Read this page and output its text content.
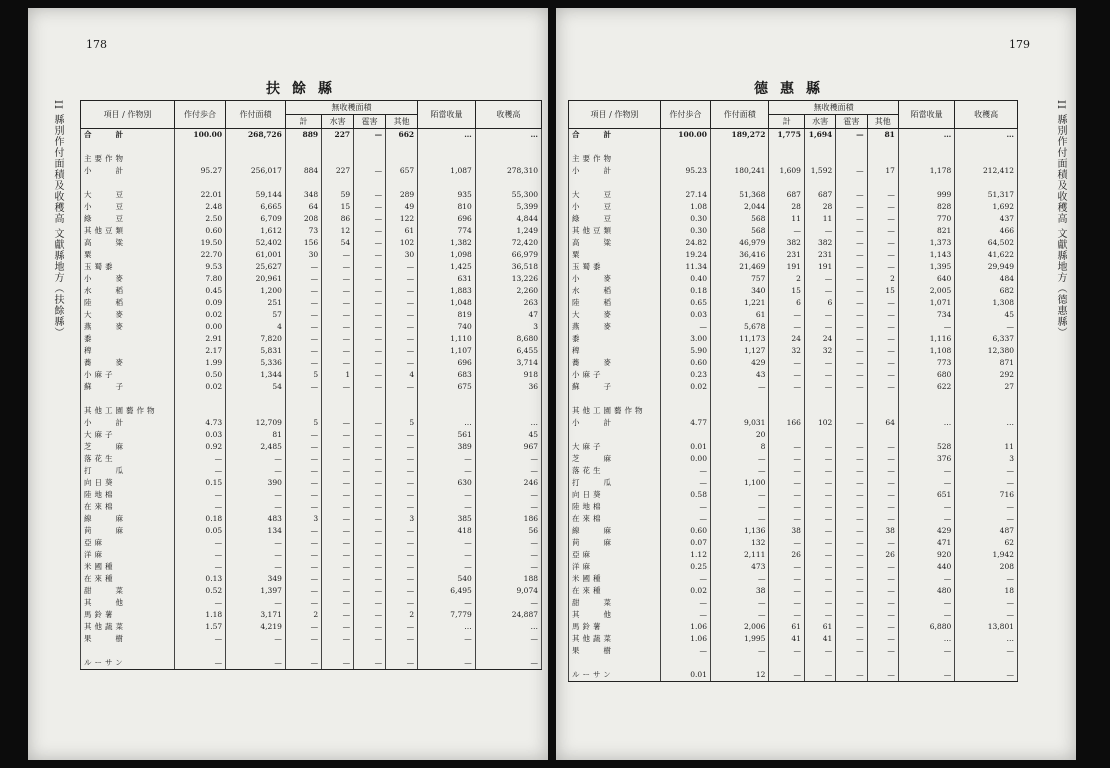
178
扶餘縣
II 縣別作付面積及收穫高 文獻縣地方（扶餘縣）	項目 / 作物別	作付歩合	作付面積	無收穫面積				陌當收量	收穫高
			計	水害	雹害	其他		
合　　計	100.00	268,726	889	227	—	662	…	…

主要作物								
小　　計	95.27	256,017	884	227	—	657	1,087	278,310

大　　豆	22.01	59,144	348	59	—	289	935	55,300
小　　豆	2.48	6,665	64	15	—	49	810	5,399
綠　　豆	2.50	6,709	208	86	—	122	696	4,844
其他豆類	0.60	1,612	73	12	—	61	774	1,249
高　　粱	19.50	52,402	156	54	—	102	1,382	72,420
粟	22.70	61,001	30	—	—	30	1,098	66,979
玉蜀黍	9.53	25,627	—	—	—	—	1,425	36,518
小　　麥	7.80	20,961	—	—	—	—	631	13,226
水　　稻	0.45	1,200	—	—	—	—	1,883	2,260
陸　　稻	0.09	251	—	—	—	—	1,048	263
大　　麥	0.02	57	—	—	—	—	819	47
燕　　麥	0.00	4	—	—	—	—	740	3
黍	2.91	7,820	—	—	—	—	1,110	8,680
稗	2.17	5,831	—	—	—	—	1,107	6,455
蕎　　麥	1.99	5,336	—	—	—	—	696	3,714
小麻子	0.50	1,344	5	1	—	4	683	918
蘇　　子	0.02	54	—	—	—	—	675	36

其他工園藝作物								
小　　計	4.73	12,709	5	—	—	5	…	…
大麻子	0.03	81	—	—	—	—	561	45
芝　　麻	0.92	2,485	—	—	—	—	389	967
落花生	—	—	—	—	—	—	—	—
打　　瓜	—	—	—	—	—	—	—	—
向日葵	0.15	390	—	—	—	—	630	246
陸地棉	—	—	—	—	—	—	—	—
在來棉	—	—	—	—	—	—	—	—
線　　麻	0.18	483	3	—	—	3	385	186
苘　　麻	0.05	134	—	—	—	—	418	56
亞麻	—	—	—	—	—	—	—	—
洋麻	—	—	—	—	—	—	—	—
米國種	—	—	—	—	—	—	—	—
在來種	0.13	349	—	—	—	—	540	188
甜　　菜	0.52	1,397	—	—	—	—	6,495	9,074
其　　他	—	—	—	—	—	—	—	—
馬鈴薯	1.18	3,171	2	—	—	2	7,779	24,887
其他蔬菜	1.57	4,219	—	—	—	—	…	…
果　　樹	—	—	—	—	—	—	—	—

ルーサン	—	—	—	—	—	—	—	—
179
德惠縣
II 縣別作付面積及收穫高 文獻縣地方（德惠縣）
項目 / 作物別	作付歩合	作付面積	無收穫面積				陌當收量	收穫高
			計	水害	雹害	其他		
合　　計	100.00	189,272	1,775	1,694	—	81	…	…

主要作物								
小　　計	95.23	180,241	1,609	1,592	—	17	1,178	212,412

大　　豆	27.14	51,368	687	687	—	—	999	51,317
小　　豆	1.08	2,044	28	28	—	—	828	1,692
綠　　豆	0.30	568	11	11	—	—	770	437
其他豆類	0.30	568	—	—	—	—	821	466
高　　粱	24.82	46,979	382	382	—	—	1,373	64,502
粟	19.24	36,416	231	231	—	—	1,143	41,622
玉蜀黍	11.34	21,469	191	191	—	—	1,395	29,949
小　　麥	0.40	757	2	—	—	2	640	484
水　　稻	0.18	340	15	—	—	15	2,005	682
陸　　稻	0.65	1,221	6	6	—	—	1,071	1,308
大　　麥	0.03	61	—	—	—	—	734	45
燕　　麥	—	5,678	—	—	—	—	—	—
黍	3.00	11,173	24	24	—	—	1,116	6,337
稗	5.90	1,127	32	32	—	—	1,108	12,380
蕎　　麥	0.60	429	—	—	—	—	773	871
小麻子	0.23	43	—	—	—	—	680	292
蘇　　子	0.02	—	—	—	—	—	622	27

其他工園藝作物								
小　　計	4.77	9,031	166	102	—	64	…	…
		20						
大麻子	0.01	8	—	—	—	—	528	11
芝　　麻	0.00	—	—	—	—	—	376	3
落花生	—	—	—	—	—	—	—	—
打　　瓜	—	1,100	—	—	—	—	—	—
向日葵	0.58	—	—	—	—	—	651	716
陸地棉	—	—	—	—	—	—	—	—
在來棉	—	—	—	—	—	—	—	—
線　　麻	0.60	1,136	38	—	—	38	429	487
苘　　麻	0.07	132	—	—	—	—	471	62
亞麻	1.12	2,111	26	—	—	26	920	1,942
洋麻	0.25	473	—	—	—	—	440	208
米國種	—	—	—	—	—	—	—	—
在來種	0.02	38	—	—	—	—	480	18
甜　　菜	—	—	—	—	—	—	—	—
其　　他	—	—	—	—	—	—	—	—
馬鈴薯	1.06	2,006	61	61	—	—	6,880	13,801
其他蔬菜	1.06	1,995	41	41	—	—	…	…
果　　樹	—	—	—	—	—	—	—	—

ルーサン	0.01	12	—	—	—	—	—	—
